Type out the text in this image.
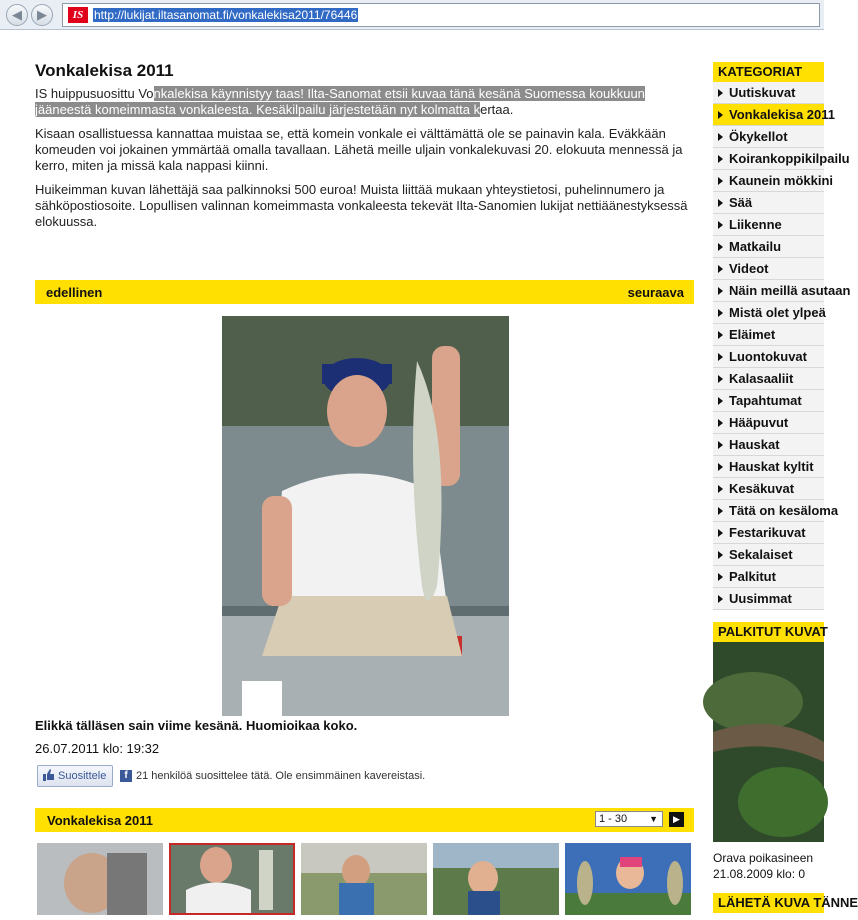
◀	▶	IS http://lukijat.iltasanomat.fi/vonkalekisa2011/76446
Vonkalekisa 2011

IS huippusuosittu Vonkalekisa käynnistyy taas! Ilta-Sanomat etsii kuvaa tänä kesänä Suomessa koukkuun jääneestä komeimmasta vonkaleesta. Kesäkilpailu järjestetään nyt kolmatta kertaa.

Kisaan osallistuessa kannattaa muistaa se, että komein vonkale ei välttämättä ole se painavin kala. Eväkkään komeuden voi jokainen ymmärtää omalla tavallaan. Lähetä meille uljain vonkalekuvasi 20. elokuuta mennessä ja kerro, miten ja missä kala nappasi kiinni.

Huikeimman kuvan lähettäjä saa palkinnoksi 500 euroa! Muista liittää mukaan yhteystietosi, puhelinnumero ja sähköpostiosoite. Lopullisen valinnan komeimmasta vonkaleesta tekevät Ilta-Sanomien lukijat nettiäänestyksessä elokuussa.

edellinen	seuraava
Elikkä tälläsen sain viime kesänä. Huomioikaa koko.
26.07.2011 klo: 19:32
Suosittele	f 21 henkilöä suosittelee tätä. Ole ensimmäinen kavereistasi.
Vonkalekisa 2011	1 - 30 ▼	▶
KATEGORIAT
Uutiskuvat
Vonkalekisa 2011
Ökykellot
Koirankoppikilpailu
Kaunein mökkini
Sää
Liikenne
Matkailu
Videot
Näin meillä asutaan
Mistä olet ylpeä
Eläimet
Luontokuvat
Kalasaaliit
Tapahtumat
Hääpuvut
Hauskat
Hauskat kyltit
Kesäkuvat
Tätä on kesäloma
Festarikuvat
Sekalaiset
Palkitut
Uusimmat
PALKITUT KUVAT
Orava poikasineen
21.08.2009 klo: 0
LÄHETÄ KUVA TÄNNE
